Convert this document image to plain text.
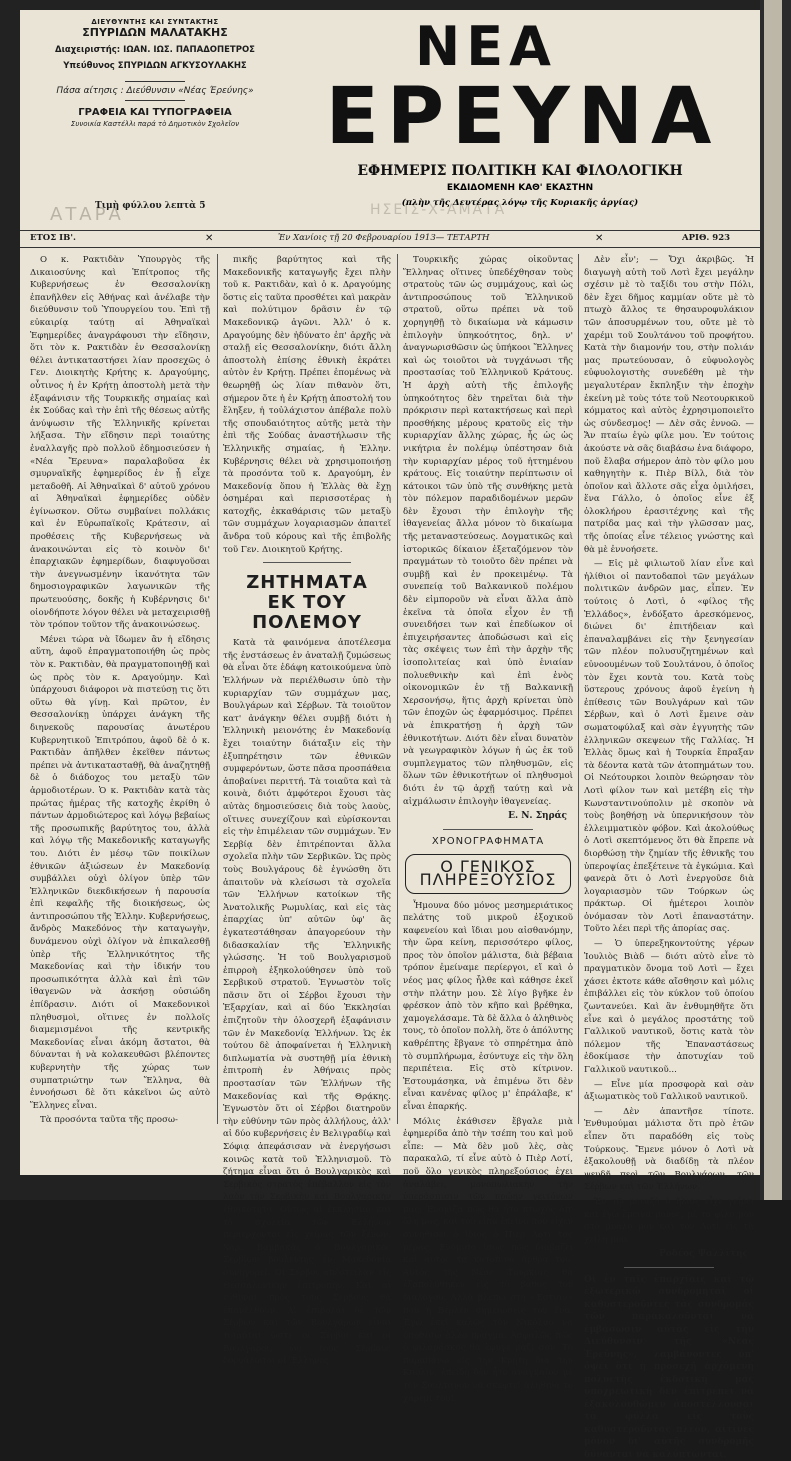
ΔΙΕΥΘΥΝΤΗΣ ΚΑΙ ΣΥΝΤΑΚΤΗΣ
ΣΠΥΡΙΔΩΝ ΜΑΛΑΤΑΚΗΣ
Διαχειριστής: ΙΩΑΝ. ΙΩΣ. ΠΑΠΑΔΟΠΕΤΡΟΣ
Υπεύθυνος ΣΠΥΡΙΔΩΝ ΑΓΚΥΣΟΥΛΑΚΗΣ
Πάσα αίτησις : Διεύθυνσιν «Νέας Έρεύνης»
ΓΡΑΦΕΙΑ ΚΑΙ ΤΥΠΟΓΡΑΦΕΙΑ
Συνοικία Καστέλλι παρά τὸ Δημοτικὸν Σχολεῖον
ΑΤΑΡΑ	ΗΣΕΙΣ-Χ-ΑΜΑΤΑ
Τιμὴ φύλλου λεπτὰ 5
ΝΕΑ
ΕΡΕΥΝΑ
ΕΦΗΜΕΡΙΣ ΠΟΛΙΤΙΚΗ ΚΑΙ ΦΙΛΟΛΟΓΙΚΗ
ΕΚΔΙΔΟΜΕΝΗ ΚΑΘ' ΕΚΑΣΤΗΝ
(πλὴν τῆς Δευτέρας λόγῳ τῆς Κυριακῆς ἀργίας)
ΕΤΟΣ ΙΒ'.	✕	Ἐν Χανίοις τῇ 20 Φεβρουαρίου 1913— ΤΕΤΑΡΤΗ	✕	ΑΡΙΘ. 923

Ο κ. Ρακτιδὰν Ὑπουργὸς τῆς Δικαιοσύνης καὶ Ἐπίτροπος τῆς Κυβερνήσεως ἐν Θεσσαλονίκῃ ἐπανῆλθεν εἰς Ἀθήνας καὶ ἀνέλαβε τὴν διεύθυνσιν τοῦ Ὑπουργείου του. Ἐπὶ τῇ εὐκαιρίᾳ ταύτῃ αἱ Ἀθηναϊκαὶ Ἐφημερίδες ἀναγράφουσι τὴν εἴδησιν, ὅτι τὸν κ. Ρακτιδὰν ἐν Θεσσαλονίκῃ θέλει ἀντικαταστήσει λίαν προσεχῶς ὁ Γεν. Διοικητὴς Κρήτης κ. Δραγούμης, οὗτινος ἡ ἐν Κρήτῃ ἀποστολὴ μετὰ τὴν ἐξαφάνισιν τῆς Τουρκικῆς σημαίας καὶ ἐκ Σούδας καὶ τὴν ἐπὶ τῆς θέσεως αὐτῆς ἀνύψωσιν τῆς Ἑλληνικῆς κρίνεται λήξασα. Τὴν εἴδησιν περὶ τοιαύτης ἐναλλαγῆς πρὸ πολλοῦ ἐδημοσιεύσεν ἡ «Νέα Ἔρευνα» παραλαβοῦσα ἐκ σμυρναϊκῆς ἐφημερίδος ἐν ᾗ εἶχε μεταδοθῆ. Αἱ Ἀθηναϊκαὶ δ' αὐτοῦ χρόνου αἱ Ἀθηναϊκαὶ ἐφημερίδες οὐδὲν ἐγίνωσκον. Οὕτω συμβαίνει πολλάκις καὶ ἐν Εὐρωπαϊκοῖς Κράτεσιν, αἱ προθέσεις τῆς Κυβερνήσεως νὰ ἀνακοινώνται εἰς τὸ κοινὸν δι' ἐπαρχιακῶν ἐφημερίδων, διαφυγοῦσαι τὴν ἀνεγνωσμένην ἱκανότητα τῶν δημοσιογραφικῶν λαγωνικῶν τῆς πρωτευούσης, δοκῆς ἡ Κυβέρνησις δι' οἱονδήποτε λόγον θέλει νὰ μεταχειρισθῇ τὸν τρόπον τοῦτον τῆς ἀνακοινώσεως.

Μένει τώρα νὰ ἴδωμεν ἂν ἡ εἴδησις αὕτη, ἀφοῦ ἐπραγματοποιήθη ὡς πρὸς τὸν κ. Ρακτιδὰν, θὰ πραγματοποιηθῇ καὶ ὡς πρὸς τὸν κ. Δραγούμην. Καὶ ὑπάρχουσι διάφοροι νὰ πιστεύσῃ τις ὅτι οὕτω θὰ γίνῃ. Καὶ πρῶτον, ἐν Θεσσαλονίκῃ ὑπάρχει ἀνάγκη τῆς διηνεκοῦς παρουσίας ἀνωτέρου Κυβερνητικοῦ Ἐπιτρόπου, ἀφοῦ δὲ ὁ κ. Ρακτιδὰν ἀπῆλθεν ἐκεῖθεν πάντως πρέπει νὰ ἀντικατασταθῇ, θὰ ἀναζητηθῇ δὲ ὁ διάδοχος του μεταξὺ τῶν ἁρμοδιοτέρων. Ὁ κ. Ρακτιδὰν κατὰ τὰς πρώτας ἡμέρας τῆς κατοχῆς ἐκρίθη ὁ πάντων ἁρμοδιώτερος καὶ λόγῳ βεβαίως τῆς προσωπικῆς βαρύτητος του, ἀλλὰ καὶ λόγῳ τῆς Μακεδονικῆς καταγωγῆς του. Διότι ἐν μέσῳ τῶν ποικίλων ἐθνικῶν ἀξιώσεων ἐν Μακεδονίᾳ συμβάλλει οὐχὶ ὀλίγον ὑπὲρ τῶν Ἑλληνικῶν διεκδικήσεων ἡ παρουσία ἐπὶ κεφαλῆς τῆς διοικήσεως, ὡς ἀντιπροσώπου τῆς Ἑλλην. Κυβερνήσεως, ἄνδρὸς Μακεδόνος τὴν καταγωγὴν, δυνάμενου οὐχὶ ὀλίγον νὰ ἐπικαλεσθῇ ὑπὲρ τῆς Ἑλληνικότητος τῆς Μακεδονίας καὶ τὴν ἰδικήν του προσωπικότητα ἀλλὰ καὶ ἐπὶ τῶν ἰθαγενῶν νὰ ἀσκήσῃ οὐσιώδη ἐπίδρασιν. Διότι οἱ Μακεδονικοὶ πληθυσμοὶ, οἵτινες ἐν πολλοῖς διαμεμισμένοι τῆς κεντρικῆς Μακεδονίας εἶναι ἀκόμη ἄστατοι, θὰ δύνανται ἡ νὰ κολακευθῶσι βλέποντες κυβερνητὴν τῆς χώρας των συμπατριώτην των Ἕλληνα, θὰ ἐννοήσωσι δὲ ὅτι κἀκεῖνοι ὡς αὐτὸ Ἕλληνες εἶναι.

Τὰ προσόντα ταῦτα τῆς προσω-

πικῆς βαρύτητος καὶ τῆς Μακεδονικῆς καταγωγῆς ἔχει πλὴν τοῦ κ. Ρακτιδὰν, καὶ ὁ κ. Δραγούμης ὅστις εἰς ταῦτα προσθέτει καὶ μακρὰν καὶ πολύτιμον δρᾶσιν ἐν τῷ Μακεδονικῷ ἀγῶνι. Ἀλλ' ὁ κ. Δραγούμης δὲν ἠδύνατο ἐπ' ἀρχῆς νὰ σταλῇ εἰς Θεσσαλονίκην, διότι ἄλλη ἀποστολὴ ἐπίσης ἐθνικὴ ἐκράτει αὐτὸν ἐν Κρήτῃ. Πρέπει ἐπομένως νὰ θεωρηθῇ ὡς λίαν πιθανὸν ὅτι, σήμερον ὅτε ἡ ἐν Κρήτῃ ἀποστολή του ἔληξεν, ἡ τοὐλάχιστον ἀπέβαλε πολὺ τῆς σπουδαιότητος αὐτῆς μετὰ τὴν ἐπὶ τῆς Σούδας ἀναστήλωσιν τῆς Ἑλληνικῆς σημαίας, ἡ Ἑλλην. Κυβέρνησις θέλει νὰ χρησιμοποιήσῃ τὰ προσόντα τοῦ κ. Δραγούμη, ἐν Μακεδονίᾳ ὅπου ἡ Ἑλλὰς θὰ ἔχῃ ὁσημέραι καὶ περισσοτέρας ἡ κατοχῆς, ἐκκαθάρισις τῶν μεταξὺ τῶν συμμάχων λογαριασμῶν ἀπαιτεῖ ἄνδρα τοῦ κόρους καὶ τῆς ἐπιβολῆς τοῦ Γεν. Διοικητοῦ Κρήτης.

ΖΗΤΗΜΑΤΑ
ΕΚ ΤΟΥ ΠΟΛΕΜΟΥ

Κατὰ τὰ φαινόμενα ἀποτέλεσμα τῆς ἐνστάσεως ἐν ἀναταλῇ ζυμώσεως θὰ εἶναι ὅτε ἐδάφη κατοικούμενα ὑπὸ Ἑλλήνων νὰ περιέλθωσιν ὑπὸ τὴν κυριαρχίαν τῶν συμμάχων μας, Βουλγάρων καὶ Σέρβων. Τὰ τοιοῦτον κατ' ἀνάγκην θέλει συμβῇ διότι ἡ Ἑλληνικὴ μειονότης ἐν Μακεδονίᾳ ἔχει τοιαύτην διάταξιν εἰς τὴν ἐξυπηρέτησιν τῶν ἐθνικῶν συμφερόντων, ὥστε πᾶσα προσπάθεια ἀποβαίνει περιττή. Τὰ τοιαῦτα καὶ τὰ κοινὰ, διότι ἀμφότεροι ἔχουσι τὰς αὐτὰς δημοσιεύσεις διὰ τοὺς λαοὺς, οἵτινες συνεχίζουν καὶ εὐρίσκονται εἰς τὴν ἐπιμέλειαν τῶν συμμάχων. Ἐν Σερβίᾳ δὲν ἐπιτρέπονται ἄλλα σχολεῖα πλὴν τῶν Σερβικῶν. Ὡς πρὸς τοὺς Βουλγάρους δὲ ἐγνώσθη ὅτι ἀπαιτοῦν νὰ κλείσωσι τὰ σχολεῖα τῶν Ἑλλήνων κατοίκων τῆς Ἀνατολικῆς Ρωμυλίας, καὶ εἰς τὰς ἐπαρχίας ὑπ' αὐτῶν ὑφ' ἃς ἐγκατεστάθησαν ἀπαγορεύουν τὴν διδασκαλίαν τῆς Ἑλληνικῆς γλώσσης. Ἡ τοῦ Βουλγαρισμοῦ ἐπιρροὴ ἐξηκολούθησεν ὑπὸ τοῦ Σερβικοῦ στρατοῦ. Ἐγνωστὸν τοῖς πᾶσιν ὅτι οἱ Σέρβοι ἔχουσι τὴν Ἐξαρχίαν, καὶ αἱ δύο Ἐκκλησίαι ἐπιζητοῦν τὴν ὁλοσχερῆ ἐξαφάνισιν τῶν ἐν Μακεδονίᾳ Ἑλλήνων. Ὡς ἐκ τούτου δὲ ἀποφαίνεται ἡ Ἑλληνικὴ διπλωματία νὰ συστηθῇ μία ἐθνικὴ ἐπιτροπὴ ἐν Ἀθήναις πρὸς προστασίαν τῶν Ἑλλήνων τῆς Μακεδονίας καὶ τῆς Θρᾴκης. Ἐγνωστὸν ὅτι οἱ Σέρβοι διατηροῦν τὴν εὐθύνην τῶν πρὸς ἀλλήλους, ἀλλ' αἱ δύο κυβερνήσεις ἐν Βελιγραδίῳ καὶ Σόφιᾳ ἀπεφάσισαν νὰ ἐνεργήσωσι κοινῶς κατὰ τοῦ Ἑλληνισμοῦ. Τὸ ζήτημα εἶναι ὅτι ὁ Βουλγαρικὸς καὶ Σερβικὸς στρατὸς ἐπέβαλλον εἰς τὸν λαὸν τὴν Σερβικὴν καὶ Βουλγαρικὴν ἐθνικότητα. Οὕτως αἱ ἐκκλησίαι καὶ τὰ σχολεῖα τῶν Ἑλλήνων περιέρχονται εἰς χεῖρας τῶν ξένων. Χαρ. Βαμβακᾶς ὁ Βουλγαρικὸς Σερβίων βουλευτὴς ἐν Μακεδονίᾳ συνηγορεῖ. Οἱ Σέρβοι ἀπέστειλαν εἰς Θεσσαλονίκην ἐπιτροπὴν. Καὶ αἱ εὐθύναι πρὸς τοὺς Σέρβους θὰ ἐπανέλθουν. Αἱ ἐπιβολαὶ δὲ τῶν Σέρβων καὶ τῶν Βουλγάρων εἶναι τοιαῦται ὥστε οἱ Σέρβοι καὶ οἱ Βούλγαροι, ὡς τοὺς Σέρβους δορυάλωτοι οἱ Ἕλληνες.

Τουρκικῆς χώρας οἰκοῦντας Ἕλληνας οἵτινες ὑπεδέχθησαν τοὺς στρατοὺς τῶν ὡς συμμάχους, καὶ ὡς ἀντιπροσώπους τοῦ Ἑλληνικοῦ στρατοῦ, οὕτω πρέπει νὰ τοῦ χορηγηθῇ τὸ δικαίωμα νὰ κάμωσιν ἐπιλογὴν ὑπηκοότητος, δηλ. ν' ἀναγνωρισθῶσιν ὡς ὑπήκοοι Ἕλληνες καὶ ὡς τοιοῦτοι νὰ τυγχάνωσι τῆς προστασίας τοῦ Ἑλληνικοῦ Κράτους. Ἡ ἀρχὴ αὐτὴ τῆς ἐπιλογῆς ὑπηκοότητος δὲν τηρεῖται διὰ τὴν πρόκρισιν περὶ κατακτήσεως καὶ περὶ προσθήκης μέρους κρατοῦς εἰς τὴν κυριαρχίαν ἄλλης χώρας, ἧς ὡς ὡς νικήτρια ἐν πολέμῳ ὑπέστησαν διὰ τὴν κυριαρχίαν μέρος τοῦ ἡττημένου κράτους. Εἰς τοιαύτην περίπτωσιν οἱ κάτοικοι τῶν ὑπὸ τῆς συνθήκης μετὰ τὸν πόλεμον παραδιδομένων μερῶν δὲν ἔχουσι τὴν ἐπιλογὴν τῆς ἰθαγενείας ἄλλα μόνον τὸ δικαίωμα τῆς μεταναστεύσεως. Δογματικῶς καὶ ἱστορικῶς δίκαιον ἐξεταζόμενον τὸν πραγμάτων τὸ τοιοῦτο δὲν πρέπει νὰ συμβῇ καὶ ἐν προκειμένῳ. Τὰ συνεπείᾳ τοῦ Βαλκανικοῦ πολέμου δὲν εἰμποροῦν νὰ εἶναι ἄλλα ἀπὸ ἐκεῖνα τὰ ὁποῖα εἶχον ἐν τῇ συνειδήσει των καὶ ἐπεδίωκον οἱ ἐπιχειρήσαντες ἀποδώσωσι καὶ εἰς τὰς σκέψεις των ἐπὶ τὴν ἀρχὴν τῆς ἰσοπολιτείας καὶ ὑπὸ ἑνιαίαν πολυεθνικὴν καὶ ἐπὶ ἑνὸς οἰκονομικῶν ἐν τῇ Βαλκανικῇ Χερσονήσῳ, ἥτις ἀρχὴ κρίνεται ὑπὸ τῶν ἐποχῶν ὡς ἐφαρμόσιμος. Πρέπει νὰ ἐπικρατήσῃ ἡ ἀρχὴ τῶν ἐθνικοτήτων. Διότι δὲν εἶναι δυνατὸν νὰ γεωγραφικὸν λόγων ἡ ὡς ἐκ τοῦ συμπλεγματος τῶν πληθυσμῶν, εἰς ὅλων τῶν ἐθνικοτήτων οἱ πληθυσμοὶ διότι ἐν τῷ ἀρχῇ ταύτῃ καὶ νὰ αἰχμάλωσιν ἐπιλογὴν ἰθαγενείας.

Ε. Ν. Σηράς
ΧΡΟΝΟΓΡΑΦΗΜΑΤΑ
Ο ΓΕΝΙΚΟΣ ΠΛΗΡΕΞΟΥΣΙΟΣ

Ἦμουνα δύο μόνος μεσημεριάτικος πελάτης τοῦ μικροῦ ἐξοχικοῦ καφενείου καὶ ἴδιαι μου αἰσθανόμην, τὴν ὥρα κείνη, περισσότερο φίλος, προς τὸν ὁποῖον μάλιστα, διὰ βέβαια τρόπον ἐμείναμε περίεργοι, εἴ καὶ ὁ νέος μας φίλος ἦλθε καὶ κάθησε ἐκεῖ στὴν πλάτην μου. Σὲ λίγο βγῆκε ἐν φρέσκον ἀπὸ τὸν κῆπο καὶ βρέθηκα, χαμογελάσαμε. Τὰ δὲ ἄλλα ὁ ἀληθινὸς τους, τὸ ὁποῖον πολλὴ, ὅτε ὁ ἀπόλυτης καθρέπτης ἔβγανε τὸ σπηρέτημα ἀπὸ τὸ συμπλήρωμα, ἐσύντυχε εἰς τὴν ὅλη περιπέτεια. Εἰς στὸ κίτρινον. Ἐστουμάσηκα, νὰ ἐπιμένω ὅτι δὲν εἶναι κανένας φίλος μ' ἐπράλαβε, κ' εἶναι ἐπαρκής.

Μόλις ἐκάθισεν ἔβγαλε μιὰ ἐφημερίδα ἀπὸ τὴν τσέπη του καὶ μοῦ εἶπε: — Μὰ δὲν μοῦ λὲς, σὰς παρακαλῶ, τί εἶνε αὐτὸ ὁ Πιὲρ Λοτί, ποῦ ὅλο γενικὸς πληρεξούσιος ἐχει ἀναλάβει, μονοπωλιακὴν τὴν ὑπεράσπισιν τῶν πρώην γειτόνων μας; Ἐνόμιζα πῶς θὰ ἦτο πτωχὸς ἀπ' ὅλη μας, καὶ τοῦ εἶπα ἐκεῖνο ποὺ εἶχεν συνηθίσει ὁ ἴδιος ὁ Πιὲρ Λοτὶ τὰς μέρας. Ἐνόμισα ἴσως πῶς διαβάζει καὶ αὐτὸς τὰ κατοπινὰ ἀρθρα του. Αὐτὸς τῆς Νέας Τουρκίας θὰ ἐξαπολύθηκεν εἰς τὸ βάθος τοῦ διαλόγου. Ἀλλὰ βλέπω στὴ «Ἐστίαν» ποῦ ἡ Βερλέν σημειώσεις τὸν ἕνα. Ἐγὼ ἐκεῖ καλῶς τὸν Νικόλαο νὰ ὑποθέσω ἄλλο πράγμα. Ἀσφαλῶς πῶς ὁ φιλαράσκος θὰ ἔφυγε μαζί σου. Τὸ παραπάνω εἰς τὴν Κρήτη διὰ τὴν Κπολιν, ἐπειδὴ δὲν ἦτο ἀναγκαῖον μὲ τὸν Σουλτάνον νὰ σκεφτεῖ ἀληθινὰ τὸ χαρέμι του!

Δὲν εἶν'; — Ὄχι ἀκριβῶς. Ἡ διαγωγὴ αὐτὴ τοῦ Λοτὶ ἔχει μεγάλην σχέσιν μὲ τὸ ταξίδι του στὴν Πόλι, δὲν ἔχει δῆμος καμμίαν οὔτε μὲ τὸ πτωχὸ ἄλλος τε θησαυροφυλάκιον τῶν ἀποσυρμένων του, οὔτε μὲ τὸ χαρέμι τοῦ Σουλτάνου τοῦ προφήτου. Κατὰ τὴν διαμονήν του, στὴν πολιάν μας πρωτεύουσαν, ὁ εὐφυολογὸς εὐφυολογιστὴς συνεδέθη μὲ τὴν μεγαλυτέραν ἔκπληξιν τὴν ἐποχὴν ἐκείνη μὲ τοὺς τότε τοῦ Νεοτουρκικοῦ κόμματος καὶ αὐτὸς ἐχρησιμοποιεῖτο ὡς σύνδεσμος! — Δὲν σᾶς ἐννοῶ. — Ἄν πταίω ἐγὼ φίλε μου. Ἐν τούτοις ἀκούστε νὰ σᾶς διαβάσω ἐνα διάφορο, ποῦ ἔλαβα σήμερον ἀπὸ τὸν φίλο μου καθηγητὴν κ. Πιὲρ Βίλλ, διὰ τὸν ὁποῖον καὶ ἄλλοτε σᾶς εἶχα ὁμιλήσει, ἕνα Γάλλο, ὁ ὁποῖος εἶνε ἐξ ὁλοκλήρου ἐρασιτέχνης καὶ τῆς πατρίδα μας καὶ τὴν γλῶσσαν μας, τῆς ὁποίας εἶνε τέλειος γνώστης καὶ θὰ μὲ ἐννοήσετε.

— Εἰς μὲ φιλιωτοῦ λίαν εἶνε καὶ ἠλίθιοι οἱ παντοδαποὶ τῶν μεγάλων πολιτικῶν ἀνδρῶν μας, εἶπεν. Ἐν τούτοις ὁ Λοτὶ, ὁ «φίλος τῆς Ἑλλάδος», ἐνδόξατο ἀρεσκόμενος, διώνει δι' ἐπιτήδειαν καὶ ἐπαναλαμβάνει εἰς τὴν ξενηγεσίαν τῶν πλέον πολυσυζητημένων καὶ εὐνοουμένων τοῦ Σουλτάνου, ὁ ὁποῖος τὸν ἔχει κοντὰ του. Κατὰ τοὺς ὕστερους χρόνους ἀφοῦ ἐγείνη ἡ ἐπίθεσις τῶν Βουλγάρων καὶ τῶν Σέρβων, καὶ ὁ Λοτὶ ἔμεινε σὰν σωματοφύλαξ καὶ σὰν ἐγγυητὴς τῶν ἑλληνικῶν σκεψεων τῆς Γαλλίας. Ἡ Ἑλλὰς ὅμως καὶ ἡ Τουρκία ἔπραξαν τὰ δέοντα κατὰ τῶν ἀτοπημάτων του. Οἱ Νεότουρκοι λοιπὸν θεώρησαν τὸν Λοτὶ φίλον των καὶ μετέβη εἰς τὴν Κωνσταντινούπολιν μὲ σκοπὸν νὰ τοὺς βοηθήσῃ νὰ ὑπερνικήσουν τὸν ἐλλειμματικὸν φόβον. Καὶ ἀκολούθως ὁ Λοτὶ σκεπτόμενος ὅτι θὰ ἔπρεπε νὰ διορθώσῃ τὴν ζημίαν τῆς ἐθνικῆς του ὑπεροψίας ἐπεξέτεινε τὰ ἐγκώμια. Καὶ φανερὰ ὅτι ὁ Λοτὶ ἐνεργοῦσε διὰ λογαριασμὸν τῶν Τούρκων ὡς πράκτωρ. Οἱ ἡμέτεροι λοιπὸν ὀνόμασαν τὸν Λοτὶ ἐπαναστάτην. Τοῦτο λέει περὶ τῆς ἀπορίας σας.

— Ὁ ὑπερεξηκοντούτης γέρων Ἰουλιὸς Βιὰδ — διότι αὐτὸ εἶνε τὸ πραγματικὸν ὄνομα τοῦ Λοτὶ — ἔχει χάσει ἐκτοτε κάθε αἴσθησιν καὶ μόλις ἐπιβάλλει εἰς τὸν κύκλον τοῦ ὁποίου ζωντανεύει. Καὶ ἂν ἐνθυμηθῆτε ὅτι εἶνε καὶ ὁ μεγάλος προστάτης τοῦ Γαλλικοῦ ναυτικοῦ, ὅστις κατὰ τὸν πόλεμον τῆς Ἐπαναστάσεως ἐδοκίμασε τὴν ἀποτυχίαν τοῦ Γαλλικοῦ ναυτικοῦ...

— Εἶνε μία προσφορὰ καὶ σὰν ἀξιωματικὸς τοῦ Γαλλικοῦ ναυτικοῦ.

— Δὲν ἀπαντῆσε τίποτε. Ἐνθυμούμαι μάλιστα ὅτι πρὸ ἐτῶν εἶπεν ὅτι παραδόθη εἰς τοὺς Τούρκους. Ἔμενε μόνον ὁ Λοτὶ νὰ ἐξακολουθῇ νὰ διαδίδῃ τὰ πλέον ψευδῆ περὶ τῶν Βουλγάρων, τῶν Σέρβων καὶ τῶν Ἑλλήνων.

Ἐν τῷ μεταξὺ ὁ ἥλιος εἶχε γείρει καὶ ἐγὼ ἔμεινα μόνος, μὲ τὸ φίλο μου στὸ μυαλὸ μου καὶ τὸν Λοτὶ εἰς τὰ χεῖλη μου.

Ροδέος Ψαλλίτης
Οἱ ἐν ταῖς ἐπαρχίαις καὶ τῷ ἐξωτερικῷ συνδρομηταὶ οἱ καθυστεροῦντες τὰς συνδρομὰς τῶν παρακαλοῦνται νὰ ἐμβάσωσιν αὐτὰς εἰς τὴν Διεύθυνσιν τῆς «Νέας Ἐρεύνης», λαμβάνοντες ὑπ' ὄψει ὅτι ἡ προσεχῆ ἀρχόμενη πολυετὴς ἐκδοτικὴ μας ὑποχρεωτικὴ δὲν ἐπιτρέπει νὰ ἐξακολουθῶμεν ἀποστέλλουσαι τὰ φύλλα εἰς τοὺς καθυστεροῦντας πλέον, αἰτίνες μόνον δι' αὐτῆς συνδρομῆς δύνανται νὰ καλύπτωνται.
